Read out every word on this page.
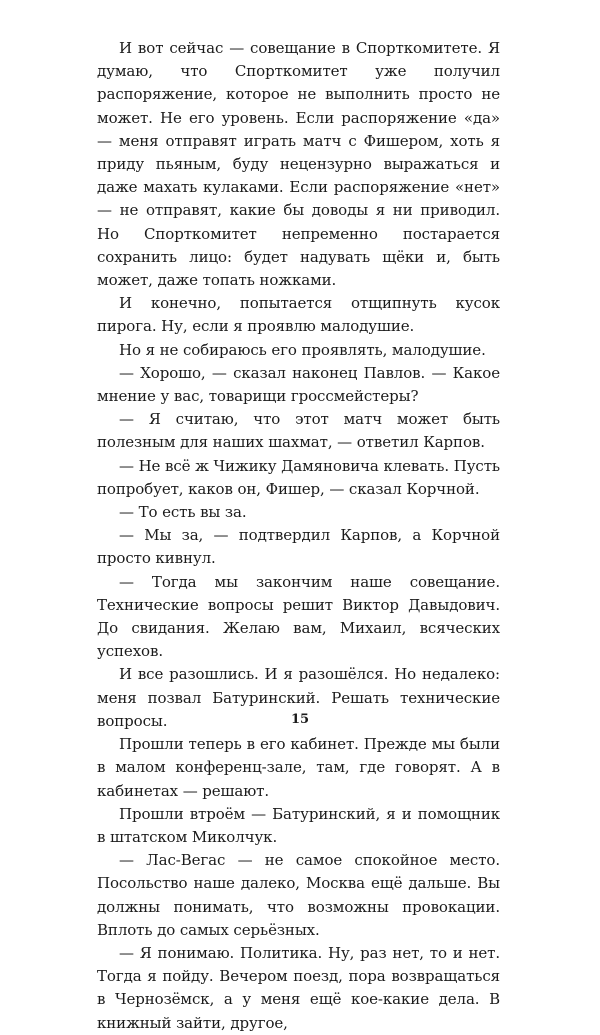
И вот сейчас — совещание в Спорткомитете. Я думаю, что Спорткомитет уже получил распоряжение, которое не выполнить просто не может. Не его уровень. Если распоряжение «да» — меня отправят играть матч с Фишером, хоть я приду пьяным, буду нецензурно выражаться и даже махать кулаками. Если распоряжение «нет» — не отправят, какие бы доводы я ни приводил. Но Спорткомитет непременно постарается сохранить лицо: будет надувать щёки и, быть может, даже топать ножками.

И конечно, попытается отщипнуть кусок пирога. Ну, если я проявлю малодушие.

Но я не собираюсь его проявлять, малодушие.

— Хорошо, — сказал наконец Павлов. — Какое мнение у вас, товарищи гроссмейстеры?

— Я считаю, что этот матч может быть полезным для наших шахмат, — ответил Карпов.

— Не всё ж Чижику Дамяновича клевать. Пусть попробует, каков он, Фишер, — сказал Корчной.

— То есть вы за.

— Мы за, — подтвердил Карпов, а Корчной просто кивнул.

— Тогда мы закончим наше совещание. Технические вопросы решит Виктор Давыдович. До свидания. Желаю вам, Михаил, всяческих успехов.

И все разошлись. И я разошёлся. Но недалеко: меня позвал Батуринский. Решать технические вопросы.

Прошли теперь в его кабинет. Прежде мы были в малом конференц-зале, там, где говорят. А в кабинетах — решают.

Прошли втроём — Батуринский, я и помощник в штатском Миколчук.

— Лас-Вегас — не самое спокойное место. Посольство наше далеко, Москва ещё дальше. Вы должны понимать, что возможны провокации. Вплоть до самых серьёзных.

— Я понимаю. Политика. Ну, раз нет, то и нет. Тогда я пойду. Вечером поезд, пора возвращаться в Чернозёмск, а у меня ещё кое-какие дела. В книжный зайти, другое,

15
